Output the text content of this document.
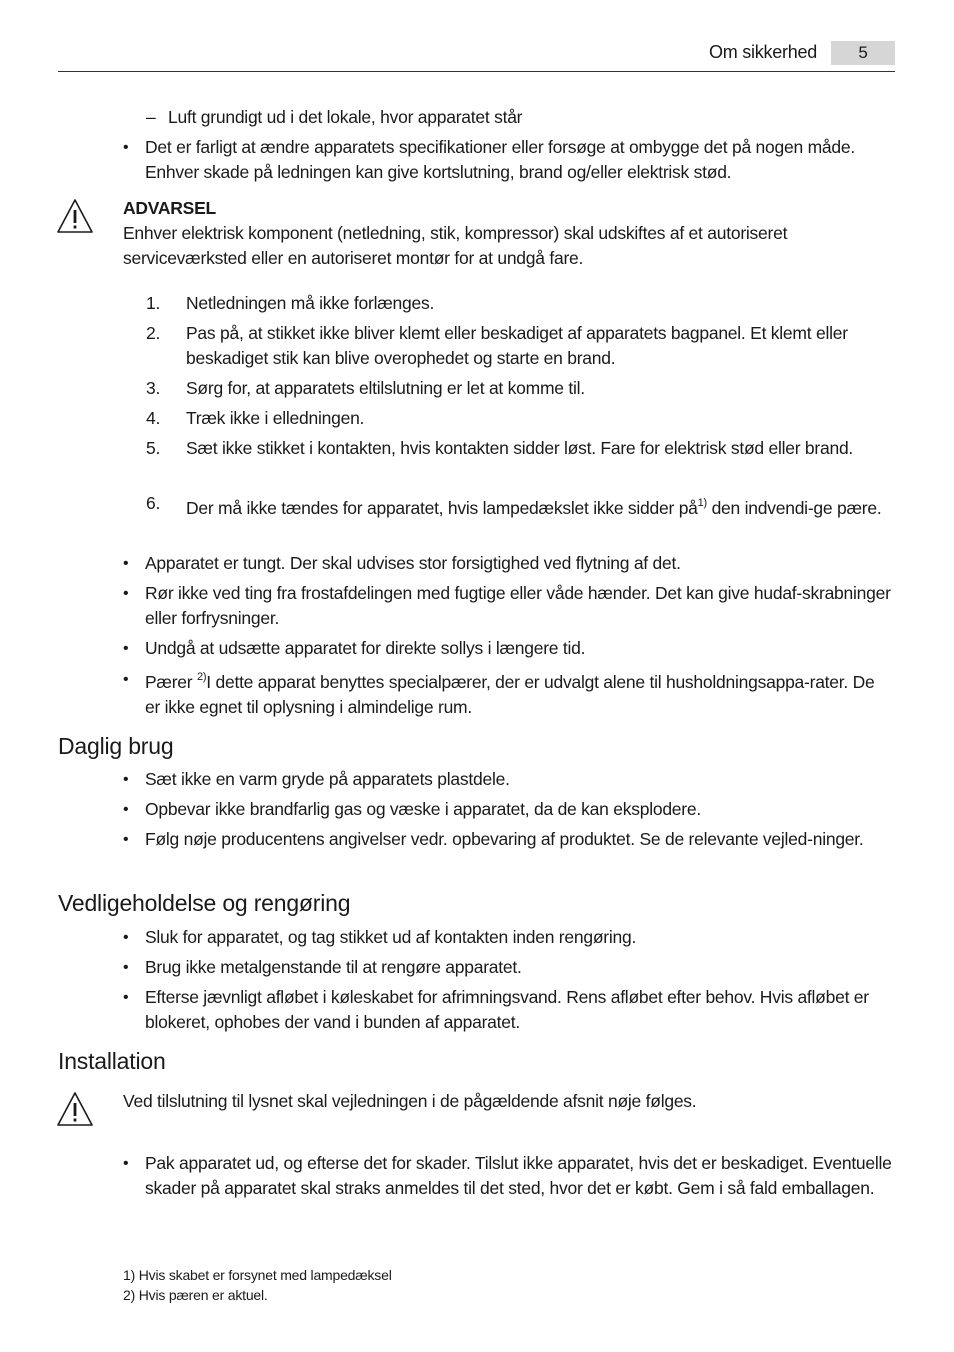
Om sikkerhed	5
– Luft grundigt ud i det lokale, hvor apparatet står
• Det er farligt at ændre apparatets specifikationer eller forsøge at ombygge det på nogen måde. Enhver skade på ledningen kan give kortslutning, brand og/eller elektrisk stød.
ADVARSEL
Enhver elektrisk komponent (netledning, stik, kompressor) skal udskiftes af et autoriseret serviceværksted eller en autoriseret montør for at undgå fare.
1. Netledningen må ikke forlænges.
2. Pas på, at stikket ikke bliver klemt eller beskadiget af apparatets bagpanel. Et klemt eller beskadiget stik kan blive overophedet og starte en brand.
3. Sørg for, at apparatets eltilslutning er let at komme til.
4. Træk ikke i elledningen.
5. Sæt ikke stikket i kontakten, hvis kontakten sidder løst. Fare for elektrisk stød eller brand.
6. Der må ikke tændes for apparatet, hvis lampedækslet ikke sidder $på^{1)}$ den indvendi-ge pære.
• Apparatet er tungt. Der skal udvises stor forsigtighed ved flytning af det.
• Rør ikke ved ting fra frostafdelingen med fugtige eller våde hænder. Det kan give hudaf-skrabninger eller forfrysninger.
• Undgå at udsætte apparatet for direkte sollys i længere tid.
• Pærer $^{2)}$I dette apparat benyttes specialpærer, der er udvalgt alene til husholdningsappa-rater. De er ikke egnet til oplysning i almindelige rum.
Daglig brug
• Sæt ikke en varm gryde på apparatets plastdele.
• Opbevar ikke brandfarlig gas og væske i apparatet, da de kan eksplodere.
• Følg nøje producentens angivelser vedr. opbevaring af produktet. Se de relevante vejled-ninger.
Vedligeholdelse og rengøring
• Sluk for apparatet, og tag stikket ud af kontakten inden rengøring.
• Brug ikke metalgenstande til at rengøre apparatet.
• Efterse jævnligt afløbet i køleskabet for afrimningsvand. Rens afløbet efter behov. Hvis afløbet er blokeret, ophobes der vand i bunden af apparatet.
Installation
Ved tilslutning til lysnet skal vejledningen i de pågældende afsnit nøje følges.
• Pak apparatet ud, og efterse det for skader. Tilslut ikke apparatet, hvis det er beskadiget. Eventuelle skader på apparatet skal straks anmeldes til det sted, hvor det er købt. Gem i så fald emballagen.
1) Hvis skabet er forsynet med lampedæksel
2) Hvis pæren er aktuel.
